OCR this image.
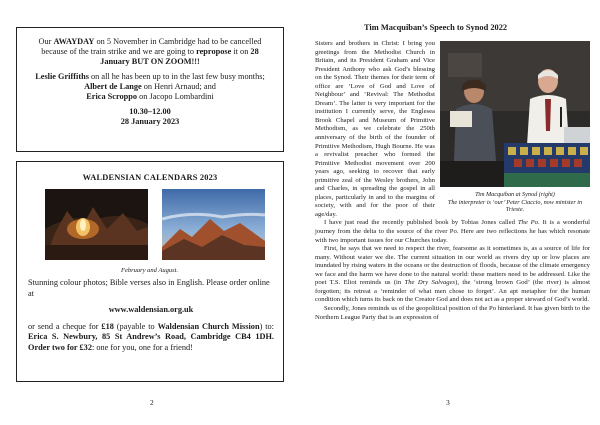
Our AWAYDAY on 5 November in Cambridge had to be cancelled because of the train strike and we are going to repropose it on 28 January BUT ON ZOOM!!!

Leslie Griffiths on all he has been up to in the last few busy months;

Albert de Lange on Henri Arnaud; and

Erica Scroppo on Jacopo Lombardini

10.30–12.00

28 January 2023

WALDENSIAN CALENDARS 2023
February and August.

Stunning colour photos; Bible verses also in English. Please order online at

www.waldensian.org.uk

or send a cheque for £18 (payable to Waldensian Church Mission) to: Erica S. Newbury, 85 St Andrew’s Road, Cambridge CB4 1DH. Order two for £32: one for you, one for a friend!

2
Tim Macquiban’s Speech to Synod 2022
Tim Macquiban at Synod (right)
The interpreter is ‘our’ Peter Ciaccio, now minister in Trieste.

Sisters and brothers in Christ: I bring you greetings from the Methodist Church in Britain, and its President Graham and Vice President Anthony who ask God’s blessing on the Synod. Their themes for their term of office are ‘Love of God and Love of Neighbour’ and ‘Revival: The Methodist Dream’. The latter is very important for the institution I currently serve, the Englesea Brook Chapel and Museum of Primitive Methodism, as we celebrate the 250th anniversary of the birth of the founder of Primitive Methodism, Hugh Bourne. He was a revivalist preacher who formed the Primitive Methodist movement over 200 years ago, seeking to recover that early primitive zeal of the Wesley brothers, John and Charles, in spreading the gospel in all places, particularly in and to the margins of society, with and for the poor of their age/day.

I have just read the recently published book by Tobias Jones called The Po. It is a wonderful journey from the delta to the source of the river Po. Here are two reflections he has which resonate with two important issues for our Churches today.

First, he says that we need to respect the river, fearsome as it sometimes is, as a source of life for many. Without water we die. The current situation in our world as rivers dry up or low places are inundated by rising waters in the oceans or the destruction of floods, because of the climate emergency we face and the harm we have done to the natural world: these matters need to be addressed. Like the poet T.S. Eliot reminds us (in The Dry Salvages), the ‘strong brown God’ (the river) is almost forgotten; its retreat a ‘reminder of what men chose to forget’. An apt metaphor for the human condition which turns its back on the Creator God and does not act as a proper steward of God’s world.

Secondly, Jones reminds us of the geopolitical position of the Po hinterland. It has given birth to the Northern League Party that is an expression of

3
